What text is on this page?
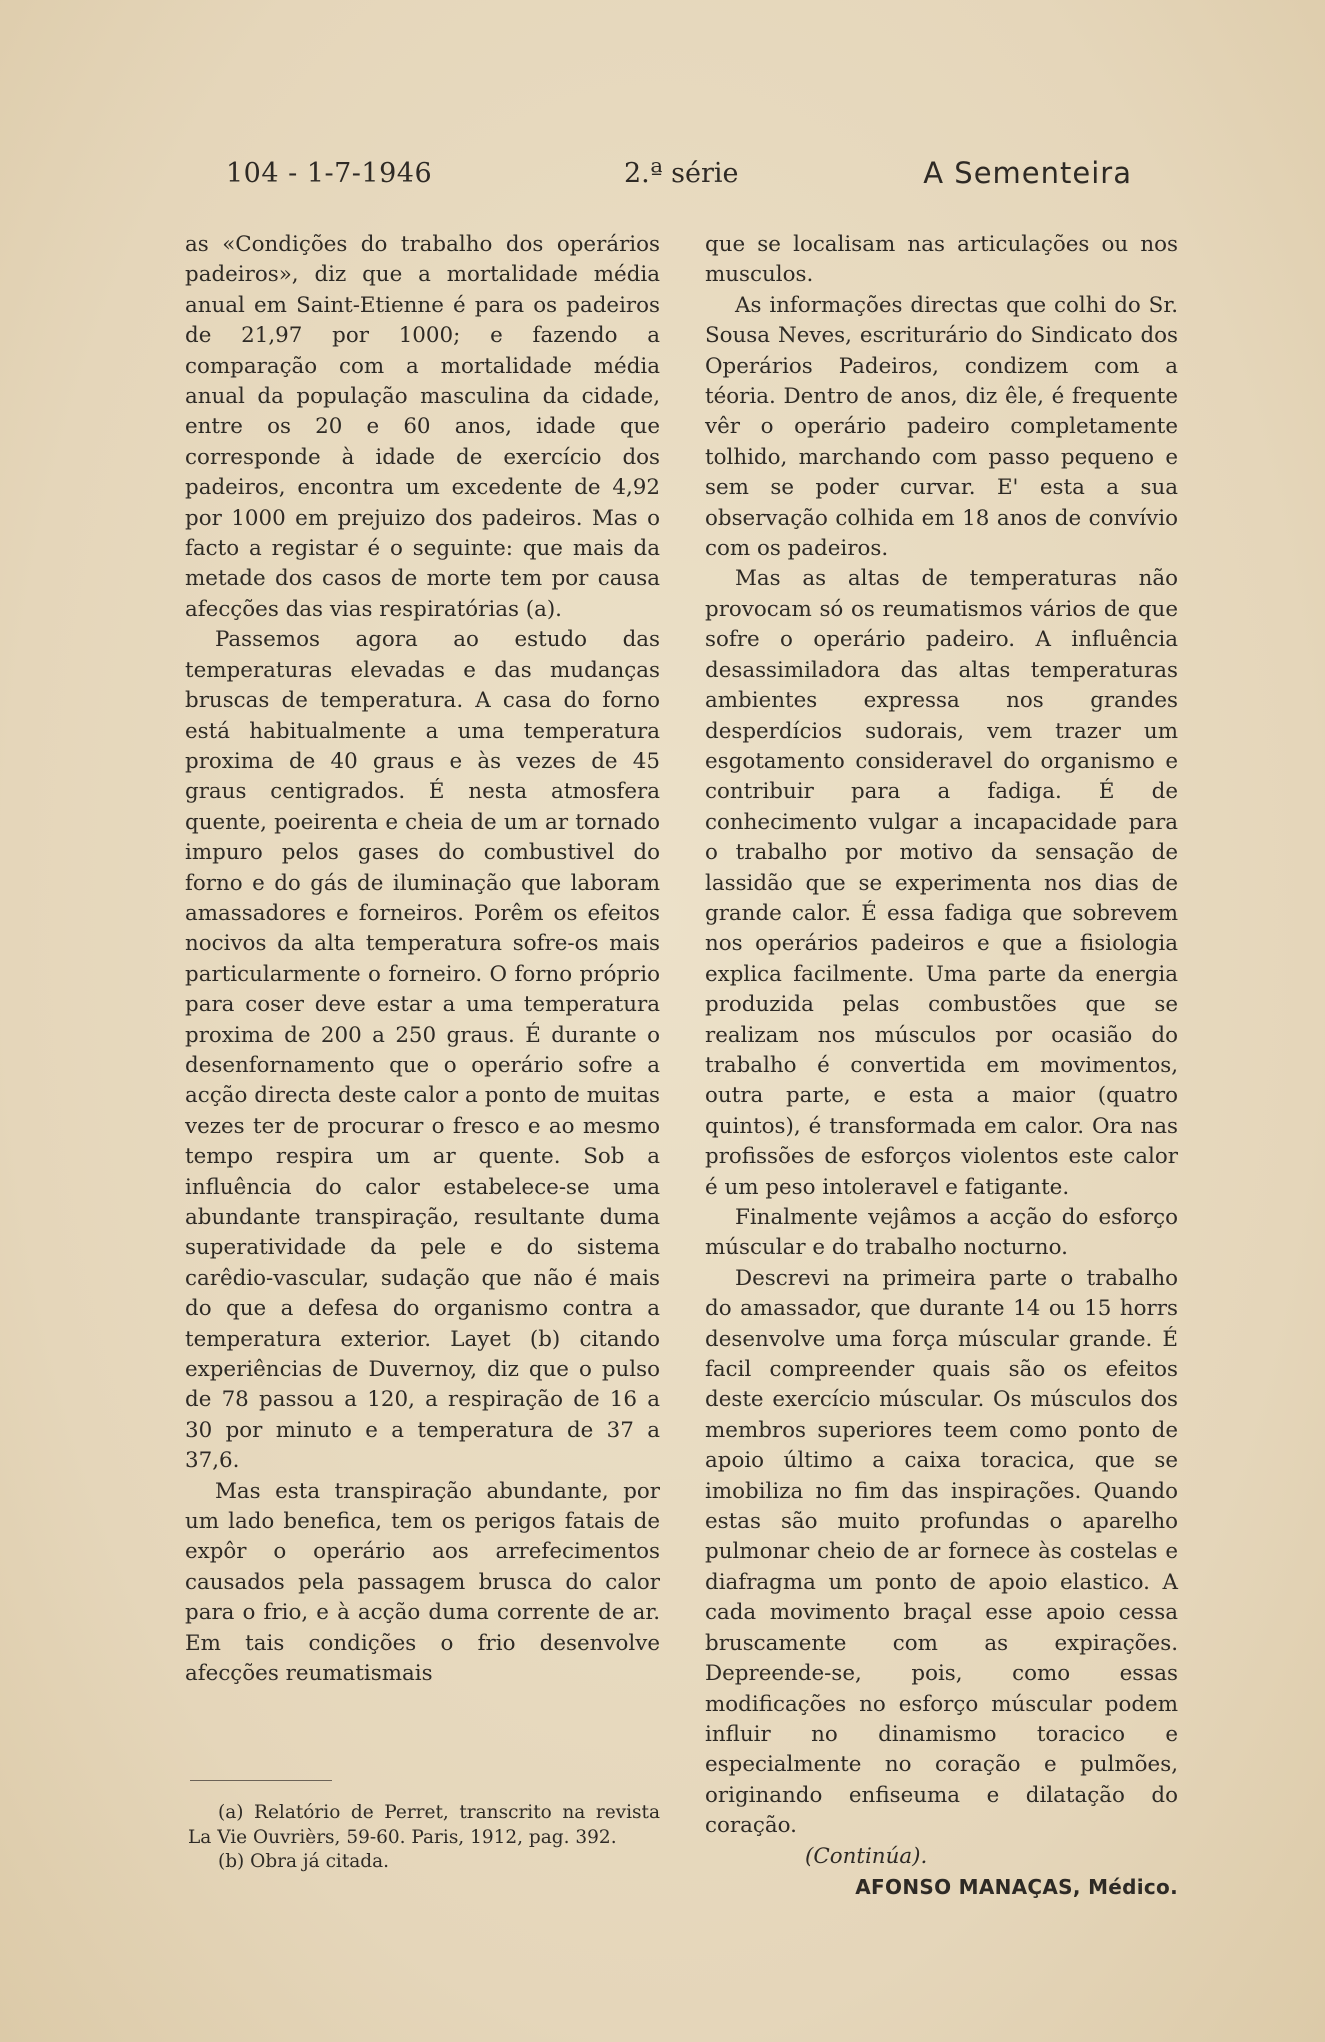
104 - 1-7-1946	2.ª série	A Sementeira

as «Condições do trabalho dos operários padeiros», diz que a mortalidade média anual em Saint-Etienne é para os padeiros de 21,97 por 1000; e fazendo a comparação com a mortalidade média anual da população masculina da cidade, entre os 20 e 60 anos, idade que corresponde à idade de exercício dos padeiros, encontra um excedente de 4,92 por 1000 em prejuizo dos padeiros. Mas o facto a registar é o seguinte: que mais da metade dos casos de morte tem por causa afecções das vias respiratórias (a).

Passemos agora ao estudo das temperaturas elevadas e das mudanças bruscas de temperatura. A casa do forno está habitualmente a uma temperatura proxima de 40 graus e às vezes de 45 graus centigrados. É nesta atmosfera quente, poeirenta e cheia de um ar tornado impuro pelos gases do combustivel do forno e do gás de iluminação que laboram amassadores e forneiros. Porêm os efeitos nocivos da alta temperatura sofre-os mais particularmente o forneiro. O forno próprio para coser deve estar a uma temperatura proxima de 200 a 250 graus. É durante o desenfornamento que o operário sofre a acção directa deste calor a ponto de muitas vezes ter de procurar o fresco e ao mesmo tempo respira um ar quente. Sob a influência do calor estabelece-se uma abundante transpiração, resultante duma superatividade da pele e do sistema carêdio-vascular, sudação que não é mais do que a defesa do organismo contra a temperatura exterior. Layet (b) citando experiências de Duvernoy, diz que o pulso de 78 passou a 120, a respiração de 16 a 30 por minuto e a temperatura de 37 a 37,6.

Mas esta transpiração abundante, por um lado benefica, tem os perigos fatais de expôr o operário aos arrefecimentos causados pela passagem brusca do calor para o frio, e à acção duma corrente de ar. Em tais condições o frio desenvolve afecções reumatismais

(a) Relatório de Perret, transcrito na revista La Vie Ouvrièrs, 59-60. Paris, 1912, pag. 392.

(b) Obra já citada.

que se localisam nas articulações ou nos musculos.

As informações directas que colhi do Sr. Sousa Neves, escriturário do Sindicato dos Operários Padeiros, condizem com a téoria. Dentro de anos, diz êle, é frequente vêr o operário padeiro completamente tolhido, marchando com passo pequeno e sem se poder curvar. E' esta a sua observação colhida em 18 anos de convívio com os padeiros.

Mas as altas de temperaturas não provocam só os reumatismos vários de que sofre o operário padeiro. A influência desassimiladora das altas temperaturas ambientes expressa nos grandes desperdícios sudorais, vem trazer um esgotamento consideravel do organismo e contribuir para a fadiga. É de conhecimento vulgar a incapacidade para o trabalho por motivo da sensação de lassidão que se experimenta nos dias de grande calor. É essa fadiga que sobrevem nos operários padeiros e que a fisiologia explica facilmente. Uma parte da energia produzida pelas combustões que se realizam nos músculos por ocasião do trabalho é convertida em movimentos, outra parte, e esta a maior (quatro quintos), é transformada em calor. Ora nas profissões de esforços violentos este calor é um peso intoleravel e fatigante.

Finalmente vejâmos a acção do esforço múscular e do trabalho nocturno.

Descrevi na primeira parte o trabalho do amassador, que durante 14 ou 15 horrs desenvolve uma força múscular grande. É facil compreender quais são os efeitos deste exercício múscular. Os músculos dos membros superiores teem como ponto de apoio último a caixa toracica, que se imobiliza no fim das inspirações. Quando estas são muito profundas o aparelho pulmonar cheio de ar fornece às costelas e diafragma um ponto de apoio elastico. A cada movimento braçal esse apoio cessa bruscamente com as expirações. Depreende-se, pois, como essas modificações no esforço múscular podem influir no dinamismo toracico e especialmente no coração e pulmões, originando enfiseuma e dilatação do coração.

(Continúa).

AFONSO MANAÇAS, Médico.
